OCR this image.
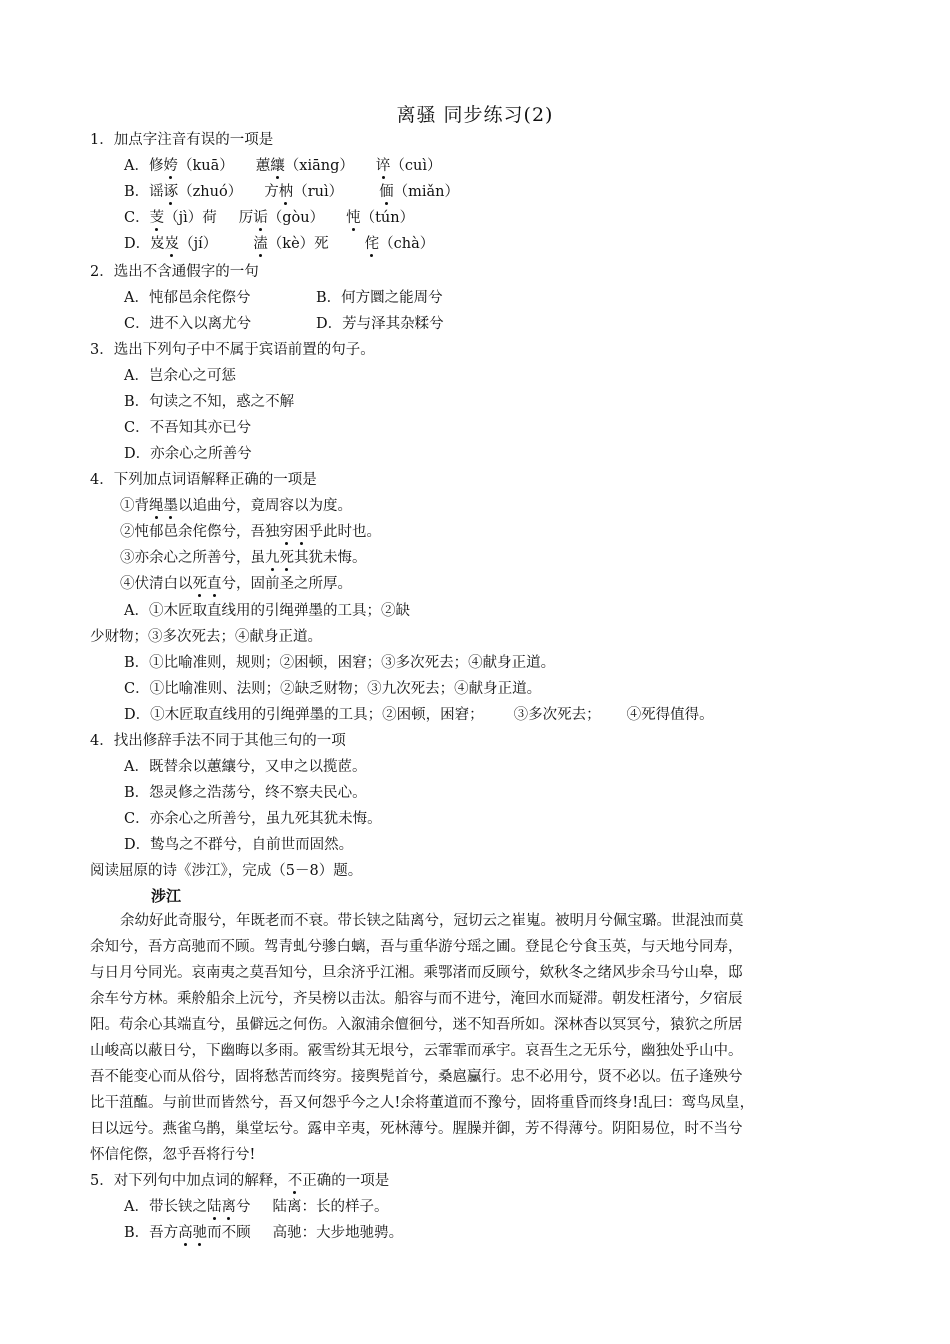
离骚 同步练习(2)
1．加点字注音有误的一项是
A．修姱（kuā） 蕙纕（xiāng） 谇（cuì）
B．谣诼（zhuó） 方枘（ruì） 偭（miǎn）
C．芰（jì）荷 厉诟（gòu） 忳（tún）
D．岌岌（jí） 溘（kè）死 侘（chà）
2．选出不含通假字的一句
A．忳郁邑余侘傺兮	B．何方圜之能周兮
C．进不入以离尤兮	D．芳与泽其杂糅兮
3．选出下列句子中不属于宾语前置的句子。
A．岂余心之可惩
B．句读之不知，惑之不解
C．不吾知其亦已兮
D．亦余心之所善兮
4．下列加点词语解释正确的一项是
①背绳墨以追曲兮，竟周容以为度。
②忳郁邑余侘傺兮，吾独穷困乎此时也。
③亦余心之所善兮，虽九死其犹未悔。
④伏清白以死直兮，固前圣之所厚。
A．①木匠取直线用的引绳弹墨的工具；②缺
少财物；③多次死去；④献身正道。
B．①比喻准则，规则；②困顿，困窘；③多次死去；④献身正道。
C．①比喻准则、法则；②缺乏财物；③九次死去；④献身正道。
D．①木匠取直线用的引绳弹墨的工具；②困顿，困窘； ③多次死去； ④死得值得。
4．找出修辞手法不同于其他三句的一项
A．既替余以蕙纕兮，又申之以揽茝。
B．怨灵修之浩荡兮，终不察夫民心。
C．亦余心之所善兮，虽九死其犹未悔。
D．鸷鸟之不群兮，自前世而固然。
阅读屈原的诗《涉江》，完成（5－8）题。
涉江
余幼好此奇服兮，年既老而不衰。带长铗之陆离兮，冠切云之崔嵬。被明月兮佩宝璐。世混浊而莫
余知兮，吾方高驰而不顾。驾青虬兮骖白螭，吾与重华游兮瑶之圃。登昆仑兮食玉英，与天地兮同寿，
与日月兮同光。哀南夷之莫吾知兮，旦余济乎江湘。乘鄂渚而反顾兮，欸秋冬之绪风步余马兮山皋，邸
余车兮方林。乘舲船余上沅兮，齐吴榜以击汰。船容与而不进兮，淹回水而疑滞。朝发枉渚兮，夕宿辰
阳。苟余心其端直兮，虽僻远之何伤。入溆浦余儃徊兮，迷不知吾所如。深林杳以冥冥兮，猿狖之所居
山峻高以蔽日兮，下幽晦以多雨。霰雪纷其无垠兮，云霏霏而承宇。哀吾生之无乐兮，幽独处乎山中。
吾不能变心而从俗兮，固将愁苦而终穷。接舆髡首兮，桑扈臝行。忠不必用兮，贤不必以。伍子逢殃兮
比干菹醢。与前世而皆然兮，吾又何怨乎今之人!余将董道而不豫兮，固将重昏而终身!乱曰：鸾鸟凤皇，
日以远兮。燕雀乌鹊，巢堂坛兮。露申辛夷，死林薄兮。腥臊并御，芳不得薄兮。阴阳易位，时不当兮
怀信侘傺，忽乎吾将行兮!
5．对下列句中加点词的解释，不正确的一项是
A．带长铗之陆离兮 陆离：长的样子。
B．吾方高驰而不顾 高驰：大步地驰骋。
